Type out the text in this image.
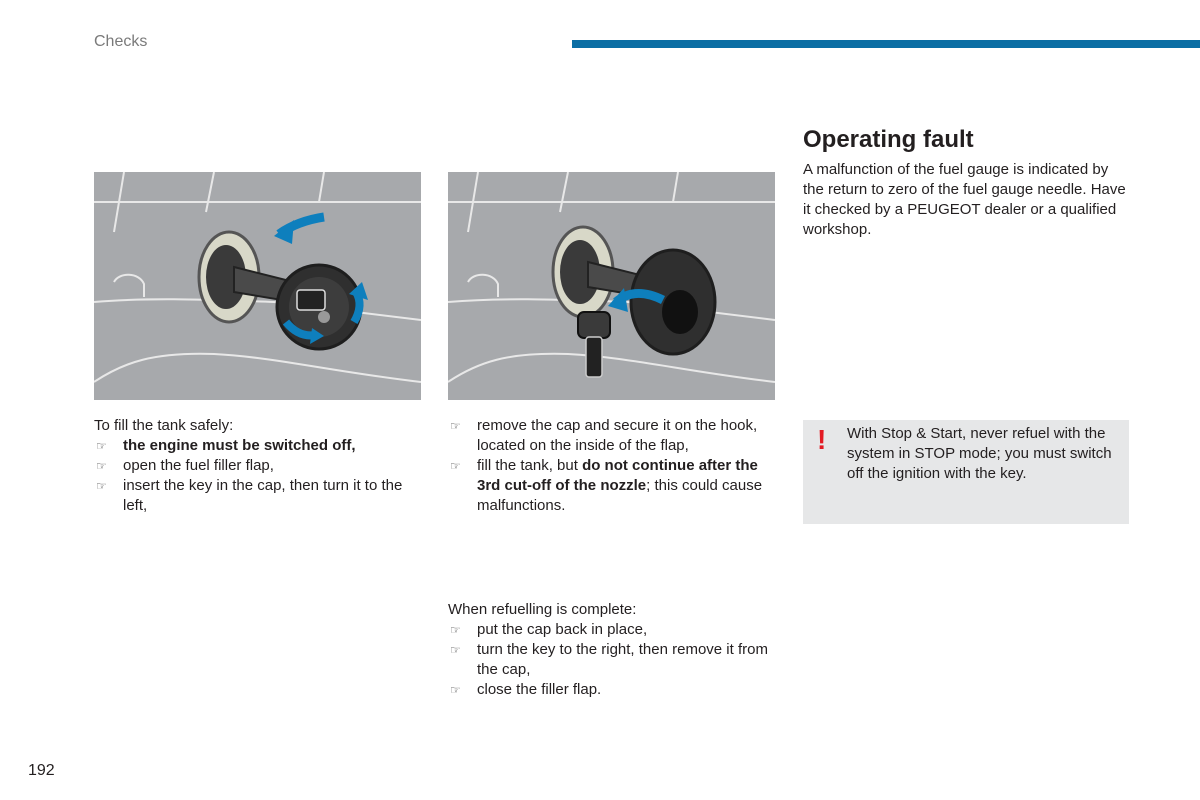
Checks

To fill the tank safely:

☞ the engine must be switched off,
☞ open the fuel filler flap,
☞ insert the key in the cap, then turn it to the left,
☞ remove the cap and secure it on the hook, located on the inside of the flap,
☞ fill the tank, but do not continue after the 3rd cut-off of the nozzle; this could cause malfunctions.

When refuelling is complete:

☞ put the cap back in place,
☞ turn the key to the right, then remove it from the cap,
☞ close the filler flap.
Operating fault

A malfunction of the fuel gauge is indicated by the return to zero of the fuel gauge needle. Have it checked by a PEUGEOT dealer or a qualified workshop.

! With Stop & Start, never refuel with the system in STOP mode; you must switch off the ignition with the key.

192
